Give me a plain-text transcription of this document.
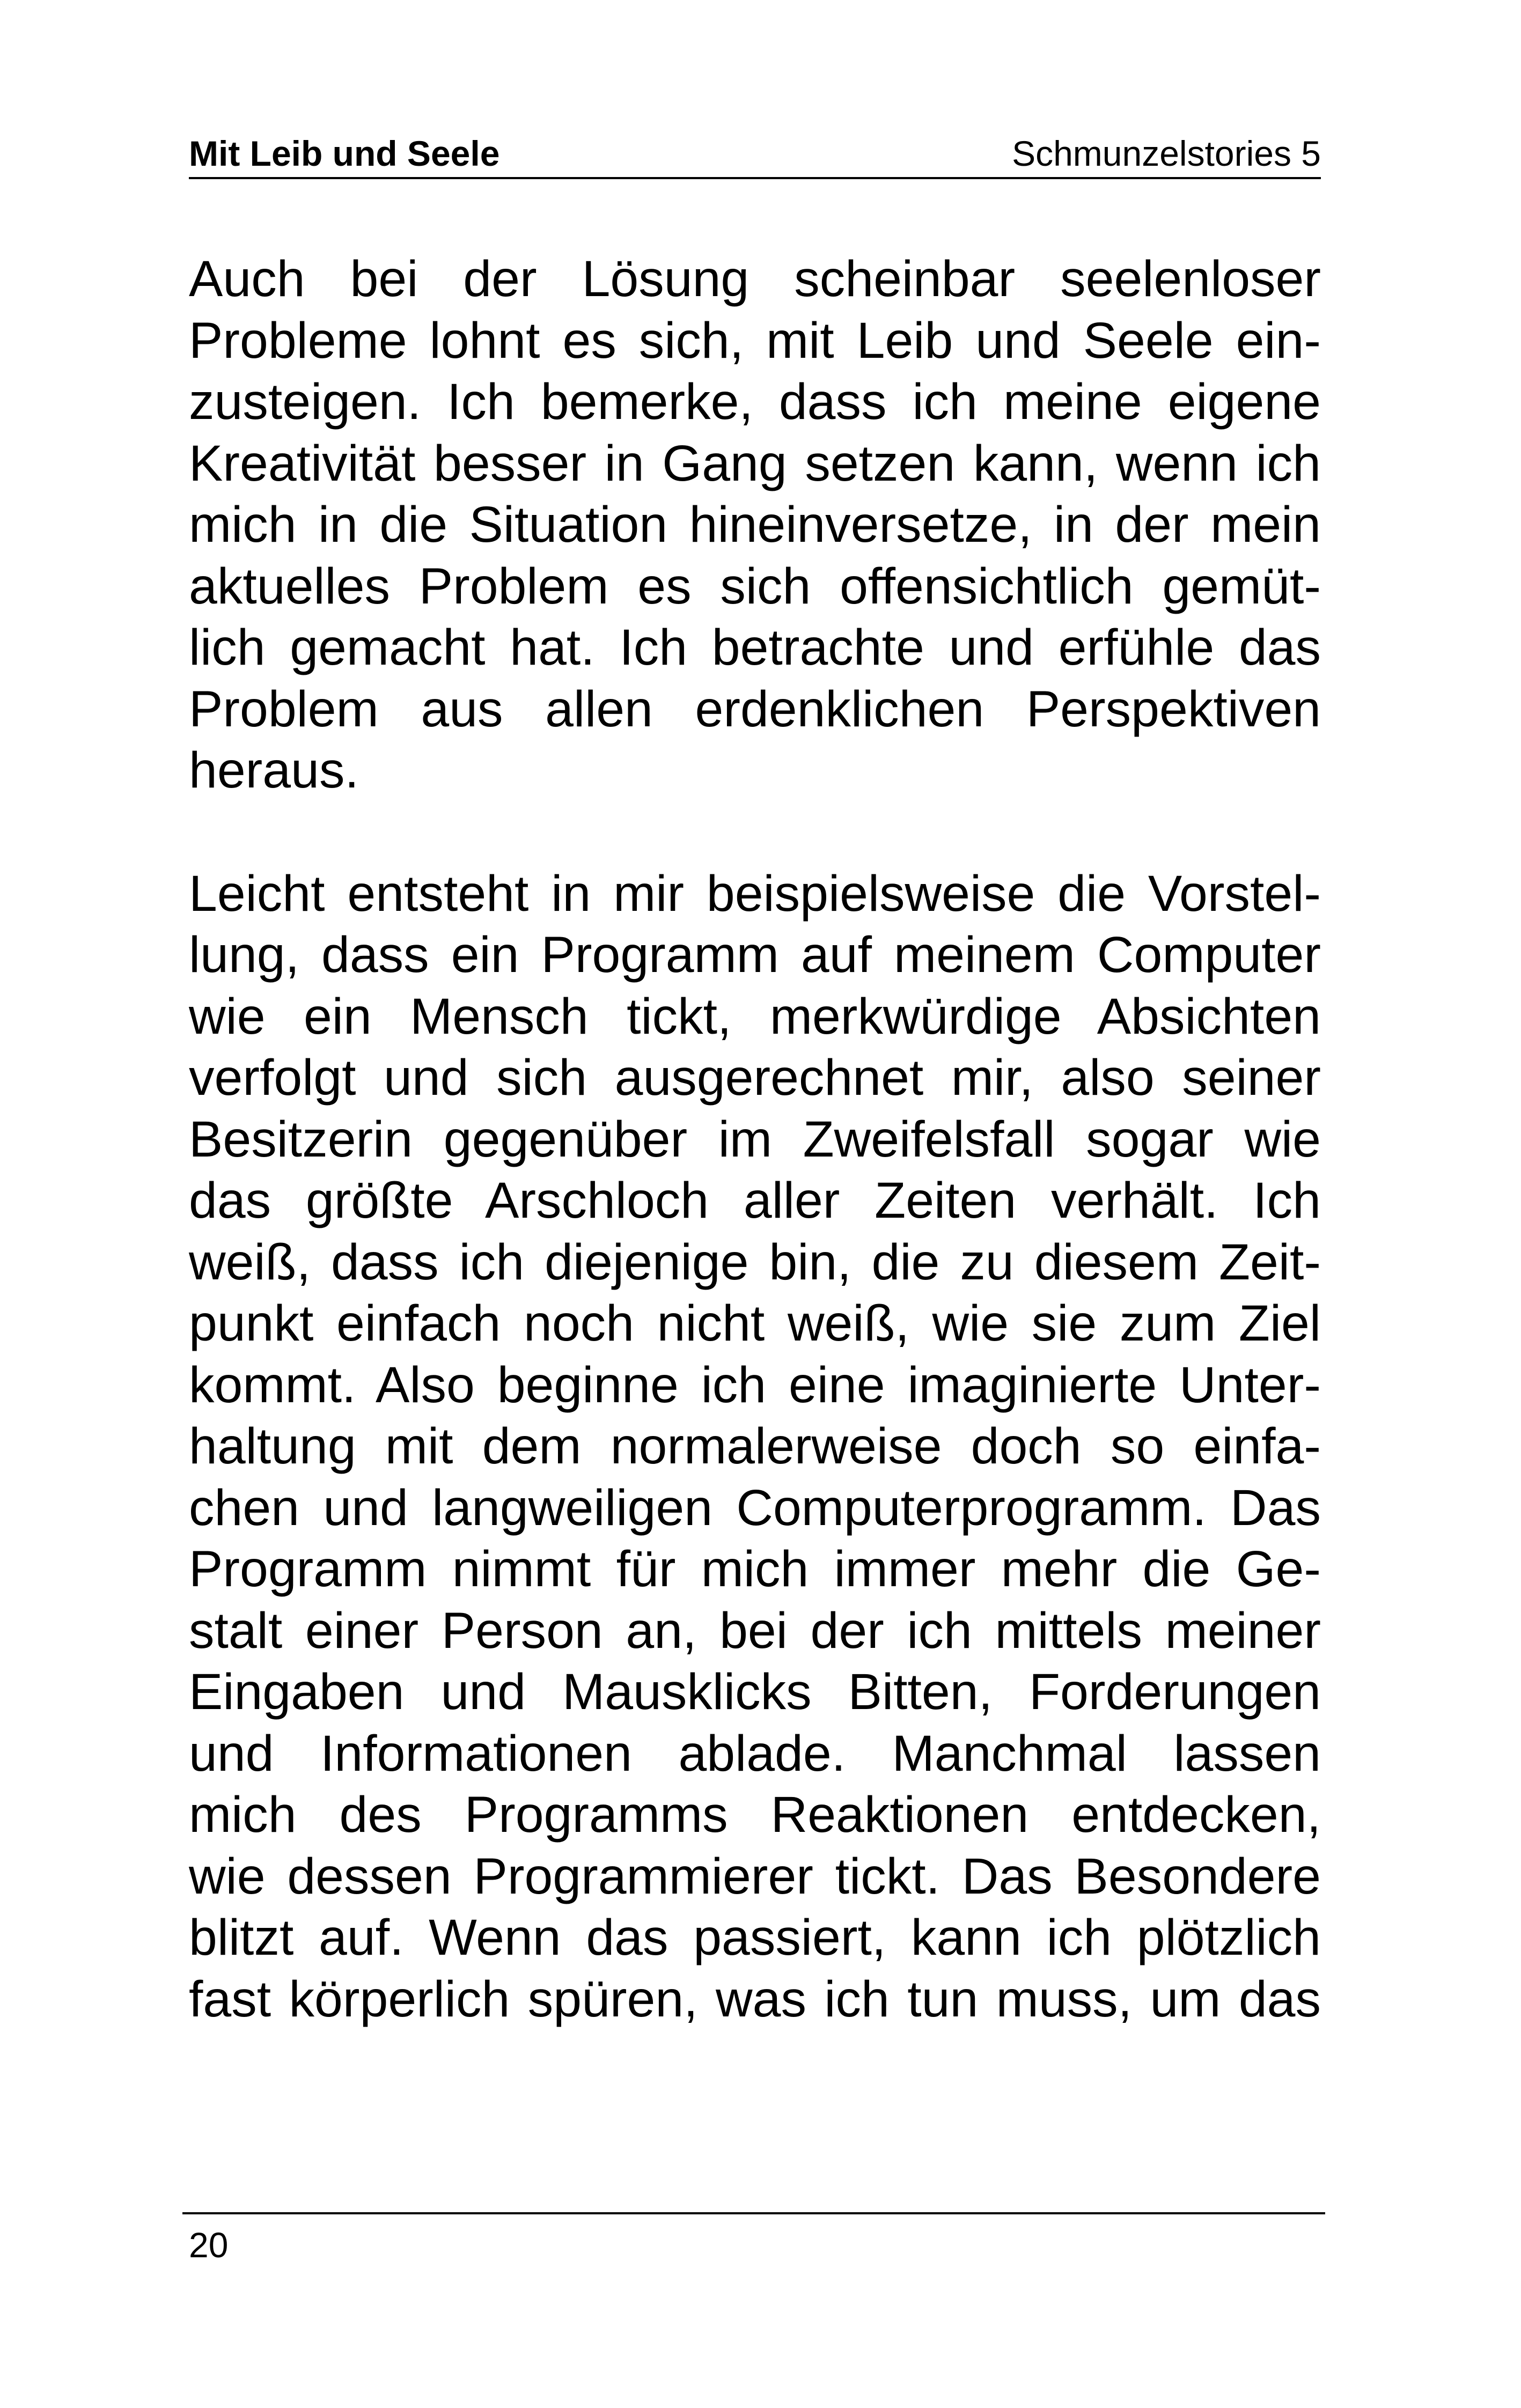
Mit Leib und Seele	Schmunzelstories 5

Auch bei der Lösung scheinbar seelenloser
Probleme lohnt es sich, mit Leib und Seele ein-
zusteigen. Ich bemerke, dass ich meine eigene
Kreativität besser in Gang setzen kann, wenn ich
mich in die Situation hineinversetze, in der mein
aktuelles Problem es sich offensichtlich gemüt-
lich gemacht hat. Ich betrachte und erfühle das
Problem aus allen erdenklichen Perspektiven
heraus.

Leicht entsteht in mir beispielsweise die Vorstel-
lung, dass ein Programm auf meinem Computer
wie ein Mensch tickt, merkwürdige Absichten
verfolgt und sich ausgerechnet mir, also seiner
Besitzerin gegenüber im Zweifelsfall sogar wie
das größte Arschloch aller Zeiten verhält. Ich
weiß, dass ich diejenige bin, die zu diesem Zeit-
punkt einfach noch nicht weiß, wie sie zum Ziel
kommt. Also beginne ich eine imaginierte Unter-
haltung mit dem normalerweise doch so einfa-
chen und langweiligen Computerprogramm. Das
Programm nimmt für mich immer mehr die Ge-
stalt einer Person an, bei der ich mittels meiner
Eingaben und Mausklicks Bitten, Forderungen
und Informationen ablade. Manchmal lassen
mich des Programms Reaktionen entdecken,
wie dessen Programmierer tickt. Das Besondere
blitzt auf. Wenn das passiert, kann ich plötzlich
fast körperlich spüren, was ich tun muss, um das

20
